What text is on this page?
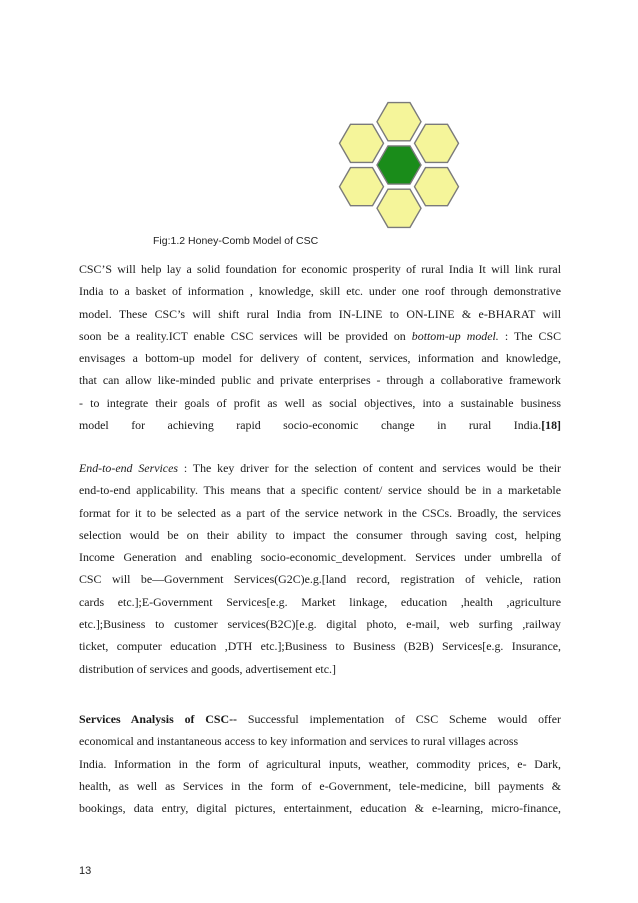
Fig:1.2 Honey-Comb Model of CSC
CSC’S will help lay a solid foundation for economic prosperity of rural India It will link rural
India to a basket of information , knowledge, skill etc. under one roof through demonstrative
model. These CSC’s will shift rural India from IN-LINE to ON-LINE & e-BHARAT will
soon be a reality.ICT enable CSC services will be provided on bottom-up model. : The CSC
envisages a bottom-up model for delivery of content, services, information and knowledge,
that can allow like-minded public and private enterprises - through a collaborative framework
- to integrate their goals of profit as well as social objectives, into a sustainable business
model for achieving rapid socio-economic change in rural India.[18]
End-to-end Services : The key driver for the selection of content and services would be their
end-to-end applicability. This means that a specific content/ service should be in a marketable
format for it to be selected as a part of the service network in the CSCs. Broadly, the services
selection would be on their ability to impact the consumer through saving cost, helping
Income Generation and enabling socio-economic_development. Services under umbrella of
CSC will be—Government Services(G2C)e.g.[land record, registration of vehicle, ration
cards etc.];E-Government Services[e.g. Market linkage, education ,health ,agriculture
etc.];Business to customer services(B2C)[e.g. digital photo, e-mail, web surfing ,railway
ticket, computer education ,DTH etc.];Business to Business (B2B) Services[e.g. Insurance,
distribution of services and goods, advertisement etc.]
Services Analysis of CSC-- Successful implementation of CSC Scheme would offer
economical and instantaneous access to key information and services to rural villages across
India. Information in the form of agricultural inputs, weather, commodity prices, e- Dark,
health, as well as Services in the form of e-Government, tele-medicine, bill payments &
bookings, data entry, digital pictures, entertainment, education & e-learning, micro-finance,
13
